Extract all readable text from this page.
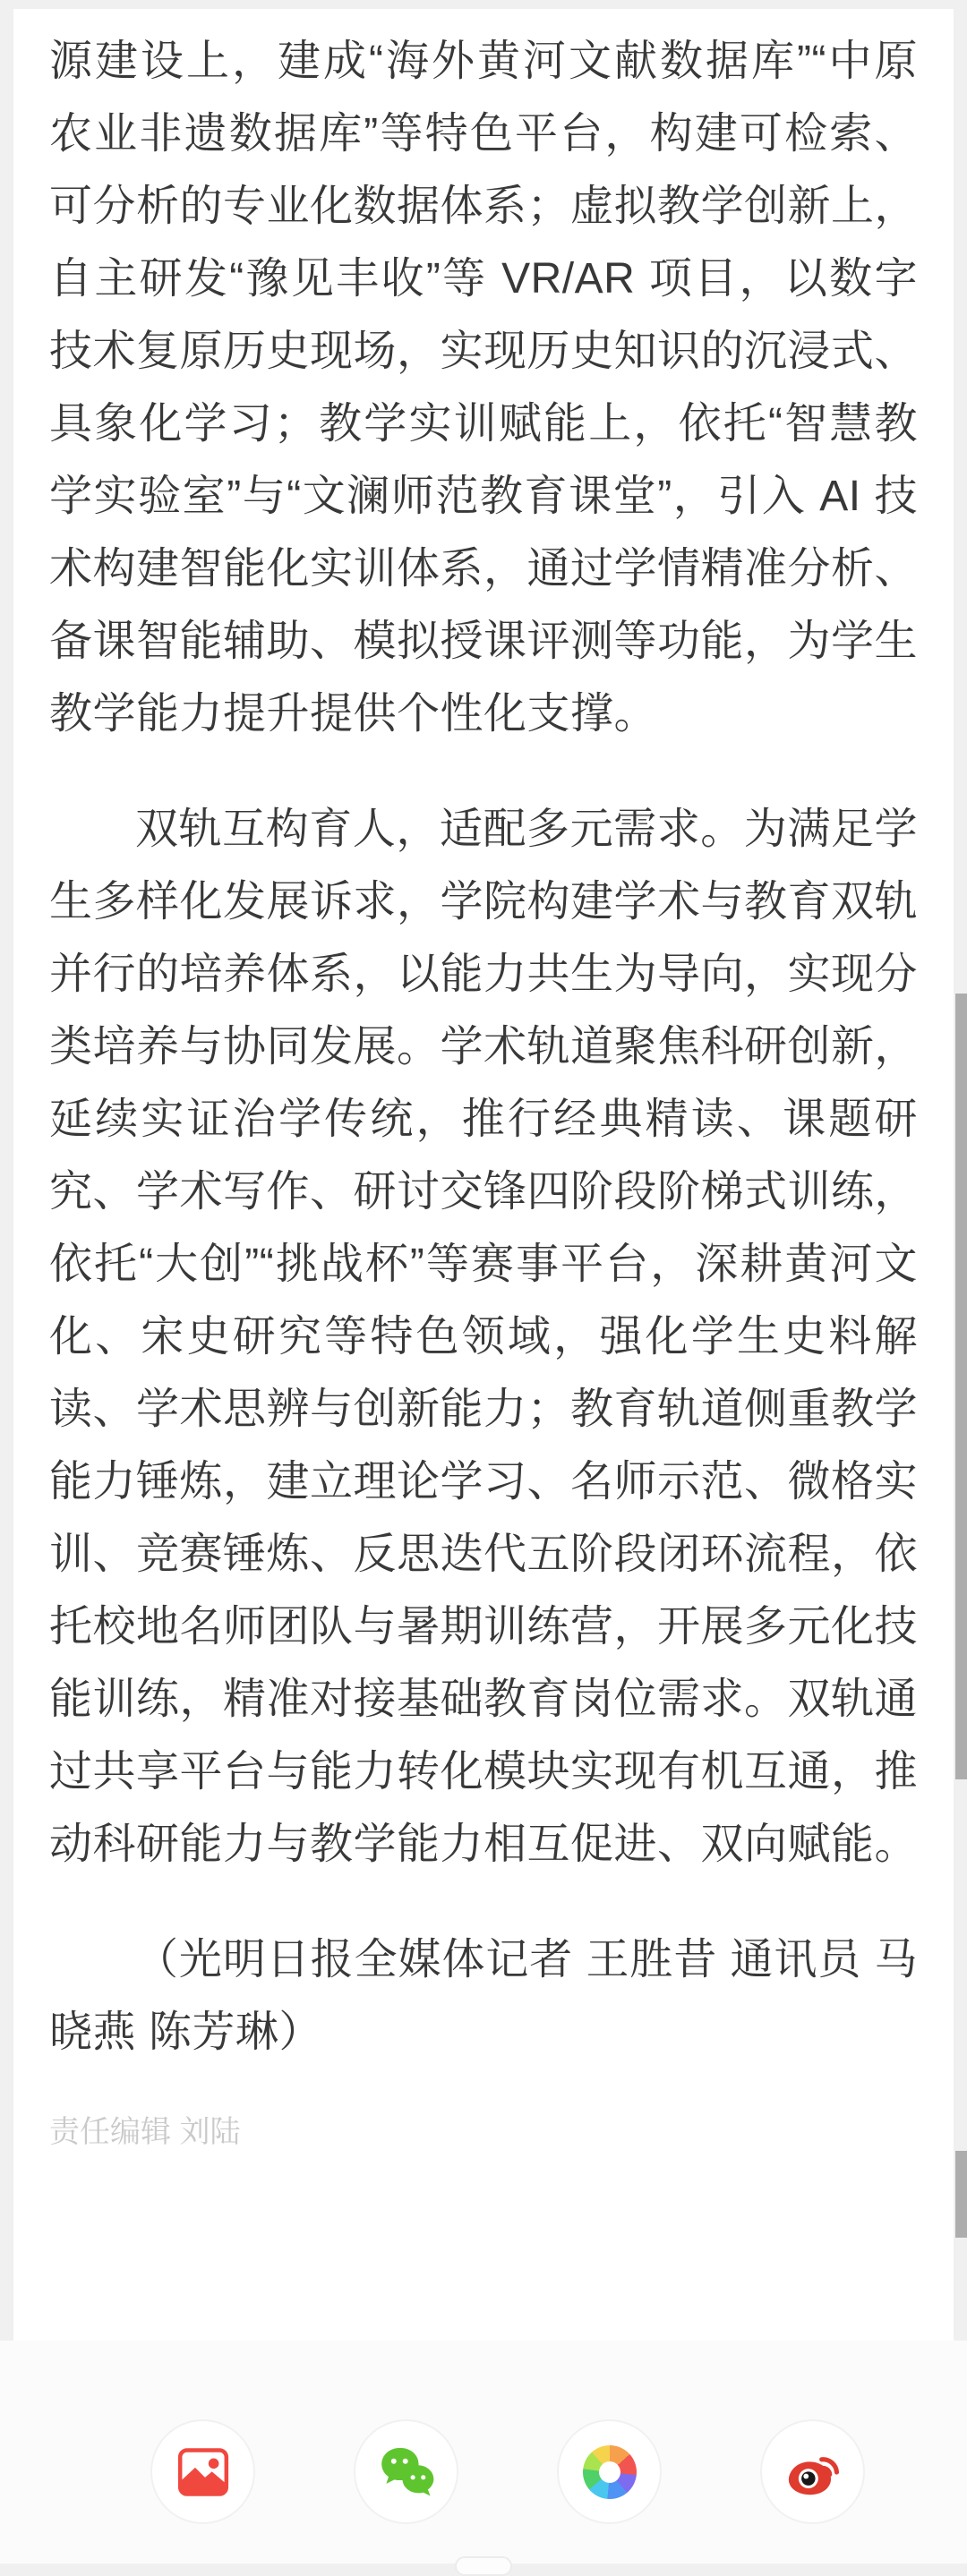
源建设上，建成“海外黄河文献数据库”“中原农业非遗数据库”等特色平台，构建可检索、可分析的专业化数据体系；虚拟教学创新上，自主研发“豫见丰收”等 VR/AR 项目，以数字技术复原历史现场，实现历史知识的沉浸式、具象化学习；教学实训赋能上，依托“智慧教学实验室”与“文澜师范教育课堂”，引入 AI 技术构建智能化实训体系，通过学情精准分析、备课智能辅助、模拟授课评测等功能，为学生教学能力提升提供个性化支撑。

双轨互构育人，适配多元需求。为满足学生多样化发展诉求，学院构建学术与教育双轨并行的培养体系，以能力共生为导向，实现分类培养与协同发展。学术轨道聚焦科研创新，延续实证治学传统，推行经典精读、课题研究、学术写作、研讨交锋四阶段阶梯式训练，依托“大创”“挑战杯”等赛事平台，深耕黄河文化、宋史研究等特色领域，强化学生史料解读、学术思辨与创新能力；教育轨道侧重教学能力锤炼，建立理论学习、名师示范、微格实训、竞赛锤炼、反思迭代五阶段闭环流程，依托校地名师团队与暑期训练营，开展多元化技能训练，精准对接基础教育岗位需求。双轨通过共享平台与能力转化模块实现有机互通，推动科研能力与教学能力相互促进、双向赋能。

（光明日报全媒体记者 王胜昔 通讯员 马晓燕 陈芳琳）

责任编辑 刘陆
